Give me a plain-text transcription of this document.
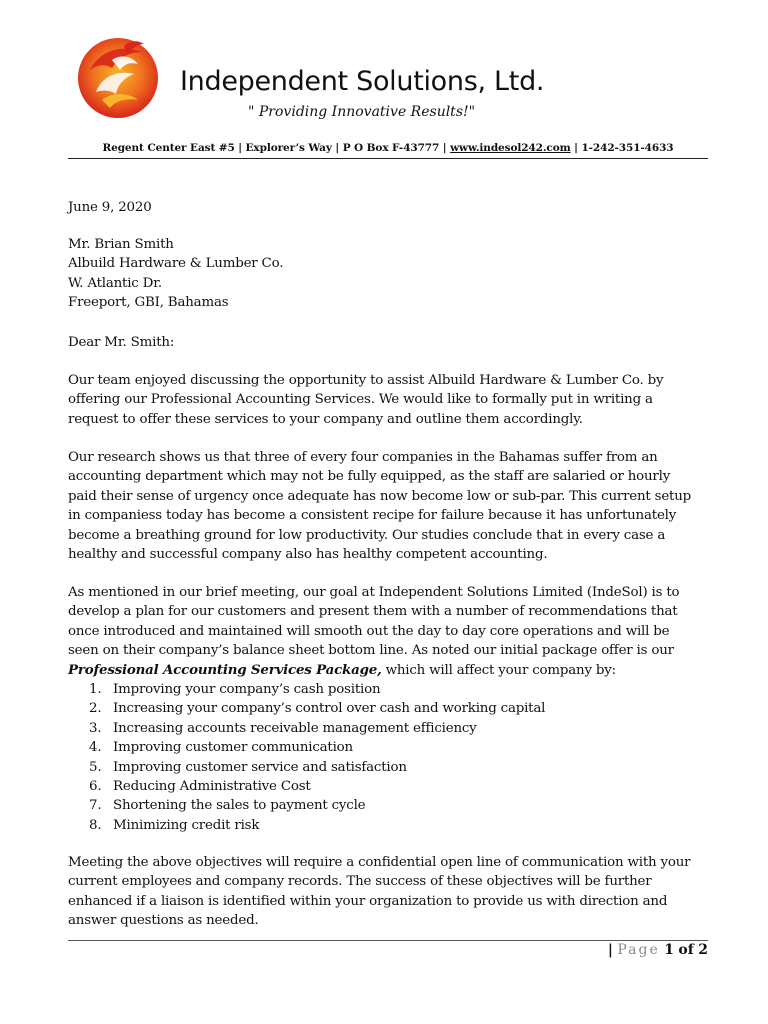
Independent Solutions, Ltd.
" Providing Innovative Results!"
Regent Center East #5 | Explorer’s Way | P O Box F-43777 | www.indesol242.com | 1-242-351-4633
June 9, 2020
Mr. Brian Smith
Albuild Hardware & Lumber Co.
W. Atlantic Dr.
Freeport, GBI, Bahamas
Dear Mr. Smith:
Our team enjoyed discussing the opportunity to assist Albuild Hardware & Lumber Co. by
offering our Professional Accounting Services. We would like to formally put in writing a
request to offer these services to your company and outline them accordingly.
Our research shows us that three of every four companies in the Bahamas suffer from an
accounting department which may not be fully equipped, as the staff are salaried or hourly
paid their sense of urgency once adequate has now become low or sub-par. This current setup
in companiess today has become a consistent recipe for failure because it has unfortunately
become a breathing ground for low productivity. Our studies conclude that in every case a
healthy and successful company also has healthy competent accounting.
As mentioned in our brief meeting, our goal at Independent Solutions Limited (IndeSol) is to
develop a plan for our customers and present them with a number of recommendations that
once introduced and maintained will smooth out the day to day core operations and will be
seen on their company’s balance sheet bottom line. As noted our initial package offer is our
Professional Accounting Services Package, which will affect your company by:
1. Improving your company’s cash position
2. Increasing your company’s control over cash and working capital
3. Increasing accounts receivable management efficiency
4. Improving customer communication
5. Improving customer service and satisfaction
6. Reducing Administrative Cost
7. Shortening the sales to payment cycle
8. Minimizing credit risk
Meeting the above objectives will require a confidential open line of communication with your
current employees and company records. The success of these objectives will be further
enhanced if a liaison is identified within your organization to provide us with direction and
answer questions as needed.
| Page 1 of 2
